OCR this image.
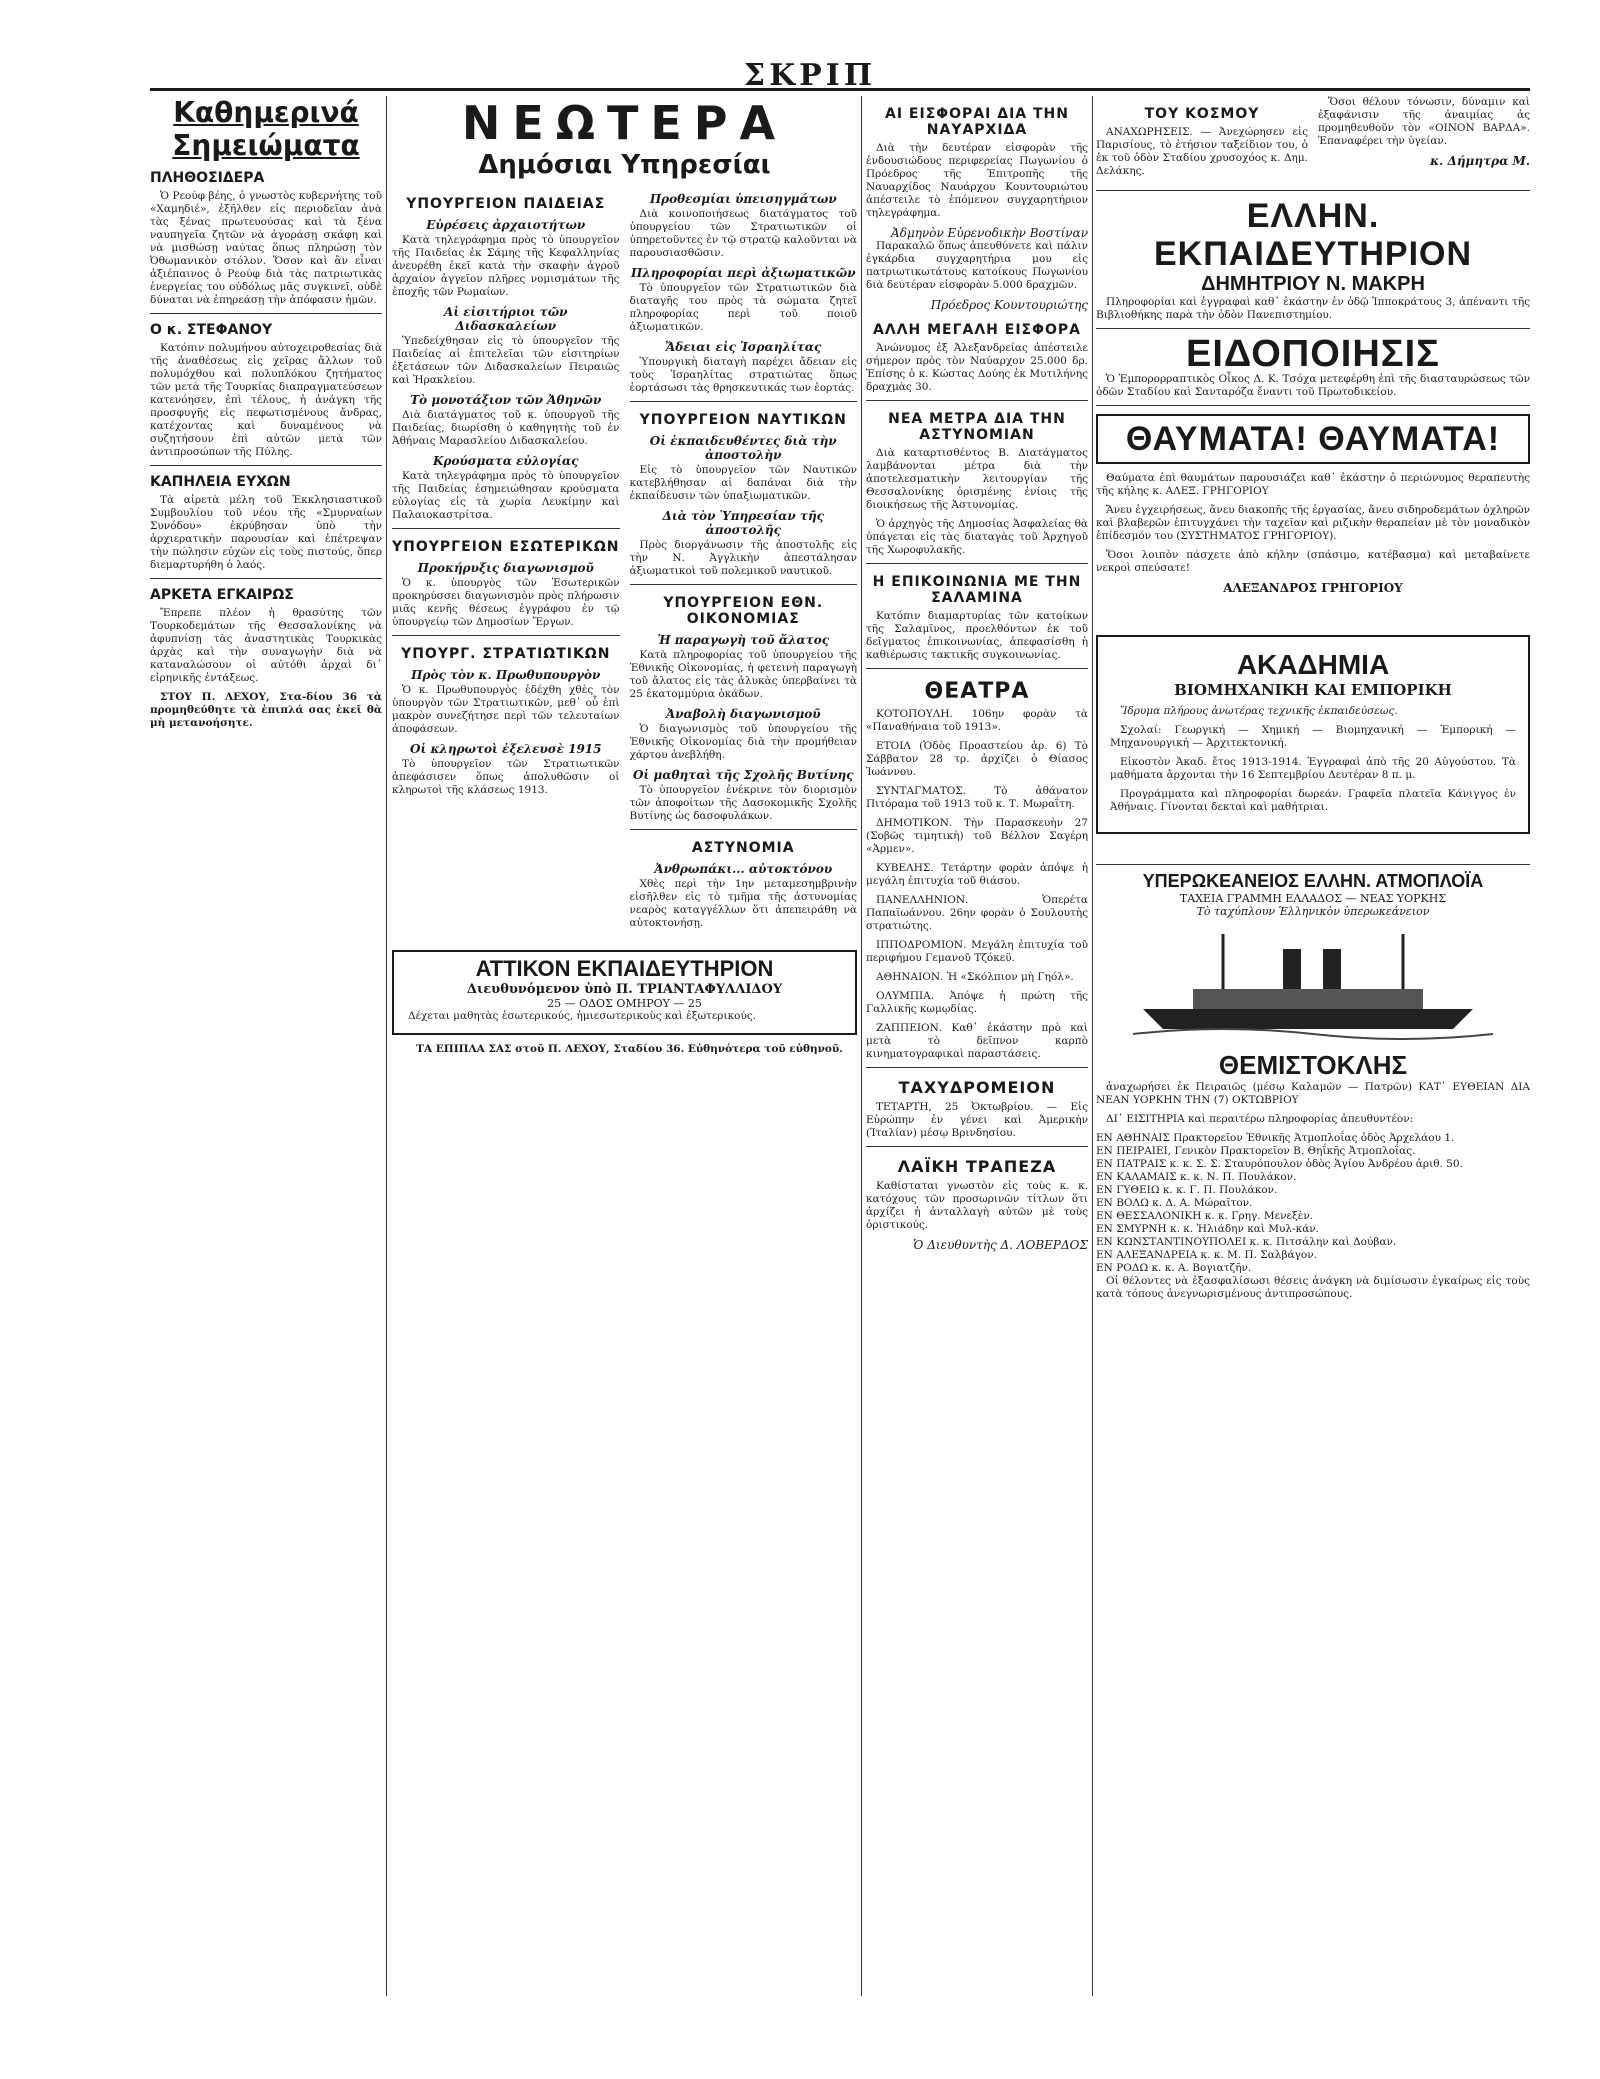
ΣΚΡΙΠ
Καθημερινά
Σημειώματα
ΠΛΗΘΟΣΙΔΕΡΑ

Ὁ Ρεούφ βέης, ὁ γνωστὸς κυβερνήτης τοῦ «Χαμηδιέ», ἐξῆλθεν εἰς περιοδεῖαν ἀνὰ τὰς ξένας πρωτευούσας καὶ τὰ ξένα ναυπηγεῖα ζητῶν νὰ ἀγοράσῃ σκάφη καὶ νὰ μισθώσῃ ναύτας ὅπως πληρώσῃ τὸν Ὀθωμανικὸν στόλον. Ὅσον καὶ ἂν εἶναι ἀξιέπαινος ὁ Ρεούφ διὰ τὰς πατριωτικὰς ἐνεργείας του οὐδόλως μᾶς συγκινεῖ, οὐδὲ δύναται νὰ ἐπηρεάσῃ τὴν ἀπόφασιν ἡμῶν.

Ο κ. ΣΤΕΦΑΝΟΥ

Κατόπιν πολυμήνου αὐτοχειροθεσίας διὰ τῆς ἀναθέσεως εἰς χεῖρας ἄλλων τοῦ πολυμόχθου καὶ πολυπλόκου ζητήματος τῶν μετὰ τῆς Τουρκίας διαπραγματεύσεων κατενόησεν, ἐπὶ τέλους, ἡ ἀνάγκη τῆς προσφυγῆς εἰς πεφωτισμένους ἄνδρας, κατέχοντας καὶ δυναμένους νὰ συζητήσουν ἐπὶ αὐτῶν μετὰ τῶν ἀντιπροσώπων τῆς Πύλης.

ΚΑΠΗΛΕΙΑ ΕΥΧΩΝ

Τὰ αἱρετὰ μέλη τοῦ Ἐκκλησιαστικοῦ Συμβουλίου τοῦ νέου τῆς «Σμυρναίων Συνόδου» ἐκρύβησαν ὑπὸ τὴν ἀρχιερατικὴν παρουσίαν καὶ ἐπέτρεψαν τὴν πώλησιν εὐχῶν εἰς τοὺς πιστούς, ὅπερ διεμαρτυρήθη ὁ λαός.

ΑΡΚΕΤΑ ΕΓΚΑΙΡΩΣ

Ἔπρεπε πλέον ἡ θρασύτης τῶν Τουρκοδεμάτων τῆς Θεσσαλονίκης νὰ ἀφυπνίσῃ τὰς ἀναστητικὰς Τουρκικὰς ἀρχὰς καὶ τὴν συναγωγὴν διὰ νὰ καταναλώσουν οἱ αὐτόθι ἀρχαὶ δι᾽ εἰρηνικῆς ἐντάξεως.

ΣΤΟΥ Π. ΛΕΧΟΥ, Στα-δίου 36 τὰ προμηθεύθητε τὰ ἐπιπλά σας ἐκεῖ θὰ μὴ μετανοήσητε.

ΝΕΩΤΕΡΑ
Δημόσιαι Υπηρεσίαι
ΥΠΟΥΡΓΕΙΟΝ ΠΑΙΔΕΙΑΣ
Εὑρέσεις ἀρχαιοτήτων

Κατὰ τηλεγράφημα πρὸς τὸ ὑπουργεῖον τῆς Παιδείας ἐκ Σάμης τῆς Κεφαλληνίας ἀνευρέθη ἐκεῖ κατὰ τὴν σκαφὴν ἀγροῦ ἀρχαίον ἀγγεῖον πλῆρες νομισμάτων τῆς ἐποχῆς τῶν Ρωμαίων.

Αἱ εἰσιτήριοι τῶν Διδασκαλείων

Ὑπεδείχθησαν εἰς τὸ ὑπουργεῖον τῆς Παιδείας αἱ ἐπιτελεῖαι τῶν εἰσιτηρίων ἐξετάσεων τῶν Διδασκαλείων Πειραιῶς καὶ Ἡρακλείου.

Τὸ μονοτάξιον τῶν Ἀθηνῶν

Διὰ διατάγματος τοῦ κ. ὑπουργοῦ τῆς Παιδείας, διωρίσθη ὁ καθηγητὴς τοῦ ἐν Ἀθήναις Μαρασλείου Διδασκαλείου.

Κρούσματα εὐλογίας

Κατὰ τηλεγράφημα πρὸς τὸ ὑπουργεῖον τῆς Παιδείας ἐσημειώθησαν κρούσματα εὐλογίας εἰς τὰ χωρία Λευκίμην καὶ Παλαιοκαστρίτσα.

ΥΠΟΥΡΓΕΙΟΝ ΕΣΩΤΕΡΙΚΩΝ
Προκήρυξις διαγωνισμοῦ

Ὁ κ. ὑπουργὸς τῶν Ἐσωτερικῶν προκηρύσσει διαγωνισμὸν πρὸς πλήρωσιν μιᾶς κενῆς θέσεως ἐγγράφου ἐν τῷ ὑπουργείῳ τῶν Δημοσίων Ἔργων.

ΥΠΟΥΡΓ. ΣΤΡΑΤΙΩΤΙΚΩΝ
Πρὸς τὸν κ. Πρωθυπουργὸν

Ὁ κ. Πρωθυπουργὸς ἐδέχθη χθὲς τὸν ὑπουργὸν τῶν Στρατιωτικῶν, μεθ᾽ οὗ ἐπὶ μακρὸν συνεζήτησε περὶ τῶν τελευταίων ἀποφάσεων.

Οἱ κληρωτοὶ ἐξελευσὲ 1915

Τὸ ὑπουργεῖον τῶν Στρατιωτικῶν ἀπεφάσισεν ὅπως ἀπολυθῶσιν οἱ κληρωτοὶ τῆς κλάσεως 1913.

Προθεσμίαι ὑπεισηγμάτων

Διὰ κοινοποιήσεως διατάγματος τοῦ ὑπουργείου τῶν Στρατιωτικῶν οἱ ὑπηρετοῦντες ἐν τῷ στρατῷ καλοῦνται νὰ παρουσιασθῶσιν.

Πληροφορίαι περὶ ἀξιωματικῶν

Τὸ ὑπουργεῖον τῶν Στρατιωτικῶν διὰ διαταγῆς του πρὸς τὰ σώματα ζητεῖ πληροφορίας περὶ τοῦ ποιοῦ ἀξιωματικῶν.

Ἄδειαι εἰς Ἰσραηλίτας

Ὑπουργικὴ διαταγὴ παρέχει ἄδειαν εἰς τοὺς Ἰσραηλίτας στρατιώτας ὅπως ἑορτάσωσι τὰς θρησκευτικάς των ἑορτάς.

ΥΠΟΥΡΓΕΙΟΝ ΝΑΥΤΙΚΩΝ
Οἱ ἐκπαιδευθέντες διὰ τὴν ἀποστολὴν

Εἰς τὸ ὑπουργεῖον τῶν Ναυτικῶν κατεβλήθησαν αἱ δαπάναι διὰ τὴν ἐκπαίδευσιν τῶν ὑπαξιωματικῶν.

Διὰ τὸν Ὑπηρεσίαν τῆς ἀποστολῆς

Πρὸς διοργάνωσιν τῆς ἀποστολῆς εἰς τὴν Ν. Ἀγγλικὴν ἀπεστάλησαν ἀξιωματικοὶ τοῦ πολεμικοῦ ναυτικοῦ.

ΥΠΟΥΡΓΕΙΟΝ ΕΘΝ. ΟΙΚΟΝΟΜΙΑΣ
Ἡ παραγωγὴ τοῦ ἄλατος

Κατὰ πληροφορίας τοῦ ὑπουργείου τῆς Ἐθνικῆς Οἰκονομίας, ἡ φετεινὴ παραγωγὴ τοῦ ἄλατος εἰς τὰς ἀλυκὰς ὑπερβαίνει τὰ 25 ἑκατομμύρια ὀκάδων.

Ἀναβολὴ διαγωνισμοῦ

Ὁ διαγωνισμὸς τοῦ ὑπουργείου τῆς Ἐθνικῆς Οἰκονομίας διὰ τὴν προμήθειαν χάρτου ἀνεβλήθη.

Οἱ μαθηταὶ τῆς Σχολῆς Βυτίνης

Τὸ ὑπουργεῖον ἐνέκρινε τὸν διορισμὸν τῶν ἀποφοίτων τῆς Δασοκομικῆς Σχολῆς Βυτίνης ὡς δασοφυλάκων.

ΑΣΤΥΝΟΜΙΑ
Ἀνθρωπάκι... αὐτοκτόνου

Χθὲς περὶ τὴν 1ην μεταμεσημβρινὴν εἰσῆλθεν εἰς τὸ τμῆμα τῆς ἀστυνομίας νεαρὸς καταγγέλλων ὅτι ἀπεπειράθη νὰ αὐτοκτονήσῃ.

ΑΤΤΙΚΟΝ ΕΚΠΑΙΔΕΥΤΗΡΙΟΝ
Διευθυνόμενον ὑπὸ Π. ΤΡΙΑΝΤΑΦΥΛΛΙΔΟΥ
25 — ΟΔΟΣ ΟΜΗΡΟΥ — 25

Δέχεται μαθητὰς ἐσωτερικούς, ἡμιεσωτερικοὺς καὶ ἐξωτερικούς.

ΤΑ ΕΠΙΠΛΑ ΣΑΣ στοῦ Π. ΛΕΧΟΥ, Σταδίου 36. Εὐθηνότερα τοῦ εὐθηνοῦ.

ΑΙ ΕΙΣΦΟΡΑΙ ΔΙΑ ΤΗΝ ΝΑΥΑΡΧΙΔΑ

Διὰ τὴν δευτέραν εἰσφορὰν τῆς ἐνδουσιώδους περιφερείας Πωγωνίου ὁ Πρόεδρος τῆς Ἐπιτροπῆς τῆς Ναυαρχίδος Ναυάρχου Κουντουριώτου ἀπέστειλε τὸ ἑπόμενον συγχαρητήριον τηλεγράφημα.

Ἀδμηνὸν Εὐρενοδικὴν Βοστίναν

Παρακαλῶ ὅπως ἀπευθύνετε καὶ πάλιν ἐγκάρδια συγχαρητήρια μου εἰς πατριωτικωτάτους κατοίκους Πωγωνίου διὰ δευτέραν εἰσφορὰν 5.000 δραχμῶν.

Πρόεδρος Κουντουριώτης
ΑΛΛΗ ΜΕΓΑΛΗ ΕΙΣΦΟΡΑ

Ἀνώνυμος ἐξ Ἀλεξανδρείας ἀπέστειλε σήμερον πρὸς τὸν Ναύαρχον 25.000 δρ. Ἐπίσης ὁ κ. Κώστας Δούης ἐκ Μυτιλήνης δραχμὰς 30.

ΝΕΑ ΜΕΤΡΑ ΔΙΑ ΤΗΝ ΑΣΤΥΝΟΜΙΑΝ

Διὰ καταρτισθέντος Β. Διατάγματος λαμβάνονται μέτρα διὰ τὴν ἀποτελεσματικὴν λειτουργίαν τῆς Θεσσαλονίκης ὁρισμένης ἐνίοις τῆς διοικήσεως τῆς Ἀστυνομίας.

Ὁ ἀρχηγὸς τῆς Δημοσίας Ἀσφαλείας θὰ ὑπάγεται εἰς τὰς διαταγὰς τοῦ Ἀρχηγοῦ τῆς Χωροφυλακῆς.

Η ΕΠΙΚΟΙΝΩΝΙΑ ΜΕ ΤΗΝ ΣΑΛΑΜΙΝΑ

Κατόπιν διαμαρτυρίας τῶν κατοίκων τῆς Σαλαμῖνος, προελθόντων ἐκ τοῦ δεῖγματος ἐπικοινωνίας, ἀπεφασίσθη ἡ καθιέρωσις τακτικῆς συγκοινωνίας.

ΘΕΑΤΡΑ

ΚΟΤΟΠΟΥΛΗ. 106ην φορὰν τὰ «Παναθήναια τοῦ 1913».

ΕΤΟΙΛ (Ὁδὸς Προαστείου ἀρ. 6) Τὸ Σάββατον 28 τρ. ἀρχίζει ὁ Θίασος Ἰωάννου.

ΣΥΝΤΑΓΜΑΤΟΣ. Τὸ ἀθάνατον Πιτόραμα τοῦ 1913 τοῦ κ. Τ. Μωραΐτη.

ΔΗΜΟΤΙΚΟΝ. Τὴν Παρασκευὴν 27 (Σοβῶς τιμητικὴ) τοῦ Βέλλον Σαγέρη «Ἀρμεν».

ΚΥΒΕΛΗΣ. Τετάρτην φορὰν ἀπόψε ἡ μεγάλη ἐπιτυχία τοῦ θιάσου.

ΠΑΝΕΛΛΗΝΙΟΝ. Ὁπερέτα Παπαϊωάννου. 26ην φορὰν ὁ Σουλουτὴς στρατιώτης.

ΙΠΠΟΔΡΟΜΙΟΝ. Μεγάλη ἐπιτυχία τοῦ περιφήμου Γεμανοῦ Τζόκεϋ.

ΑΘΗΝΑΙΟΝ. Ἡ «Σκόλπιον μὴ Γηόλ».

ΟΛΥΜΠΙΑ. Ἀπόψε ἡ πρώτη τῆς Γαλλικῆς κωμῳδίας.

ΖΑΠΠΕΙΟΝ. Καθ᾽ ἑκάστην πρὸ καὶ μετὰ τὸ δεῖπνον καρπὸ κινηματογραφικαὶ παραστάσεις.

ΤΑΧΥΔΡΟΜΕΙΟΝ

ΤΕΤΑΡΤΗ, 25 Ὀκτωβρίου. — Εἰς Εὐρώπην ἐν γένει καὶ Ἀμερικὴν (Ἰταλίαν) μέσῳ Βρινδησίου.

ΛΑΪΚΗ ΤΡΑΠΕΖΑ

Καθίσταται γνωστὸν εἰς τοὺς κ. κ. κατόχους τῶν προσωρινῶν τίτλων ὅτι ἀρχίζει ἡ ἀνταλλαγὴ αὐτῶν μὲ τοὺς ὁριστικούς.

Ὁ Διευθυντὴς Δ. ΛΟΒΕΡΔΟΣ
ΤΟΥ ΚΟΣΜΟΥ

ΑΝΑΧΩΡΗΣΕΙΣ. — Ἀνεχώρησεν εἰς Παρισίους, τὸ ἐτήσιον ταξείδιον του, ὁ ἐκ τοῦ ὁδὸν Σταδίου χρυσοχόος κ. Δημ. Δελάκης.

Ὅσοι θέλουν τόνωσιν, δύναμιν καὶ ἐξαφάνισιν τῆς ἀναιμίας ἀς προμηθευθοῦν τὸν «ΟΙΝΟΝ ΒΑΡΔΑ». Ἐπαναφέρει τὴν ὑγείαν.

κ. Δήμητρα Μ.
ΕΛΛΗΝ. ΕΚΠΑΙΔΕΥΤΗΡΙΟΝ
ΔΗΜΗΤΡΙΟΥ Ν. ΜΑΚΡΗ

Πληροφορίαι καὶ ἐγγραφαὶ καθ᾽ ἑκάστην ἐν ὁδῷ Ἱπποκράτους 3, ἀπέναντι τῆς Βιβλιοθήκης παρὰ τὴν ὁδὸν Πανεπιστημίου.

ΕΙΔΟΠΟΙΗΣΙΣ

Ὁ Ἐμπορορραπτικὸς Οἶκος Δ. Κ. Τσόχα μετεφέρθη ἐπὶ τῆς διασταυρώσεως τῶν ὁδῶν Σταδίου καὶ Σανταρόζα ἔναντι τοῦ Πρωτοδικείου.

ΘΑΥΜΑΤΑ! ΘΑΥΜΑΤΑ!

Θαύματα ἐπὶ θαυμάτων παρουσιάζει καθ᾽ ἑκάστην ὁ περιώνυμος θεραπευτὴς τῆς κήλης κ. ΑΛΕΞ. ΓΡΗΓΟΡΙΟΥ

Ἄνευ ἐγχειρήσεως, ἄνευ διακοπῆς τῆς ἐργασίας, ἄνευ σιδηροδεμάτων ὀχληρῶν καὶ βλαβερῶν ἐπιτυγχάνει τὴν ταχεῖαν καὶ ριζικὴν θεραπείαν μὲ τὸν μοναδικὸν ἐπίδεσμόν του (ΣΥΣΤΗΜΑΤΟΣ ΓΡΗΓΟΡΙΟΥ).

Ὅσοι λοιπὸν πάσχετε ἀπὸ κήλην (σπάσιμο, κατέβασμα) καὶ μεταβαίνετε νεκροὶ σπεύσατε!

ΑΛΕΞΑΝΔΡΟΣ ΓΡΗΓΟΡΙΟΥ
ΑΚΑΔΗΜΙΑ
ΒΙΟΜΗΧΑΝΙΚΗ ΚΑΙ ΕΜΠΟΡΙΚΗ

Ἵδρυμα πλήρους ἀνωτέρας τεχνικῆς ἐκπαιδεύσεως.

Σχολαί: Γεωργική — Χημική — Βιομηχανική — Ἐμπορική — Μηχανουργική — Ἀρχιτεκτονική.

Εἰκοστὸν Ἀκαδ. ἔτος 1913-1914. Ἐγγραφαὶ ἀπὸ τῆς 20 Αὐγούστου. Τὰ μαθήματα ἄρχονται τὴν 16 Σεπτεμβρίου Δευτέραν 8 π. μ.

Προγράμματα καὶ πληροφορίαι δωρεάν. Γραφεῖα πλατεῖα Κάνιγγος ἐν Ἀθήναις. Γίνονται δεκταὶ καὶ μαθήτριαι.

ΥΠΕΡΩΚΕΑΝΕΙΟΣ ΕΛΛΗΝ. ΑΤΜΟΠΛΟΪΑ
ΤΑΧΕΙΑ ΓΡΑΜΜΗ ΕΛΛΑΔΟΣ — ΝΕΑΣ ΥΟΡΚΗΣ
Τὸ ταχύπλουν Ἑλληνικὸν ὑπερωκεάνειον
ΘΕΜΙΣΤΟΚΛΗΣ

ἀναχωρήσει ἐκ Πειραιῶς (μέσῳ Καλαμῶν — Πατρῶν) ΚΑΤ᾽ ΕΥΘΕΙΑΝ ΔΙΑ ΝΕΑΝ ΥΟΡΚΗΝ ΤΗΝ (7) ΟΚΤΩΒΡΙΟΥ

ΔΙ᾽ ΕΙΣΙΤΗΡΙΑ καὶ περαιτέρω πληροφορίας ἀπευθυντέον:

ΕΝ ΑΘΗΝΑΙΣ Πρακτορεῖον Ἐθνικῆς Ἀτμοπλοΐας ὁδὸς Ἀρχελάου 1.
ΕΝ ΠΕΙΡΑΙΕΙ, Γενικὸν Πρακτορεῖον Β. Θηΐκῆς Ἀτμοπλοΐας.
ΕΝ ΠΑΤΡΑΙΣ κ. κ. Σ. Σ. Σταυρόπουλον ὁδὸς Ἁγίου Ἀνδρέου ἀριθ. 50.
ΕΝ ΚΑΛΑΜΑΙΣ κ. κ. Ν. Π. Πουλάκον.
ΕΝ ΓΥΘΕΙΩ κ. κ. Γ. Π. Πουλάκον.
ΕΝ ΒΟΛΩ κ. Δ. Α. Μώραϊτον.
ΕΝ ΘΕΣΣΑΛΟΝΙΚΗ κ. κ. Γρηγ. Μενεξὲν.
ΕΝ ΣΜΥΡΝΗ κ. κ. Ἠλιάδην καὶ Μυλ-κάν.
ΕΝ ΚΩΝΣΤΑΝΤΙΝΟΥΠΟΛΕΙ κ. κ. Πιτσάλην καὶ Δούβαν.
ΕΝ ΑΛΕΞΑΝΔΡΕΙΑ κ. κ. Μ. Π. Σαλβάγον.
ΕΝ ΡΟΔΩ κ. κ. Α. Βογιατζῆν.

Οἱ θέλοντες νὰ ἐξασφαλίσωσι θέσεις ἀνάγκη νὰ διμίσωσιν ἐγκαίρως εἰς τοὺς κατὰ τόπους ἀνεγνωρισμένους ἀντιπροσώπους.
